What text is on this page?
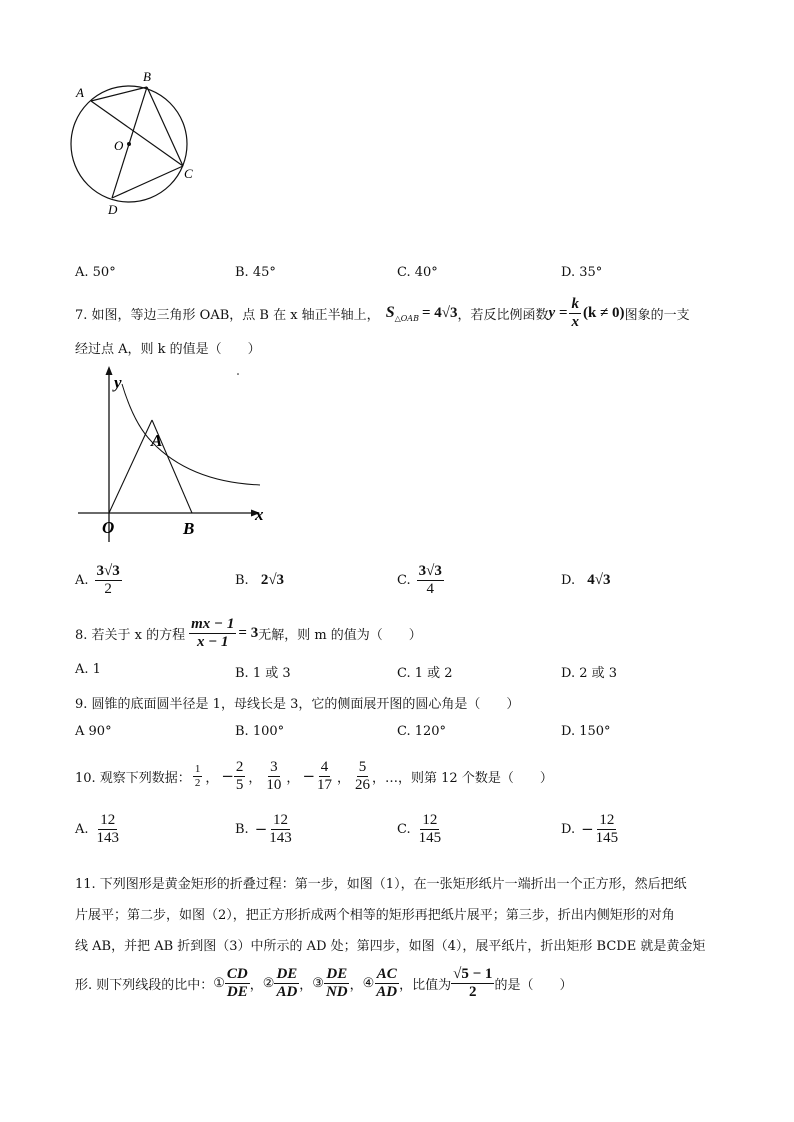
A
B
C
D
O
A. 50°	B. 45°	C. 40°	D. 35°
7. 如图，等边三角形 OAB，点 B 在 x 轴正半轴上， S △OAB = 4√3 ，若反比例函数 $y = \frac{k}{x} (k \ne 0)$ 图象的一支
经过点 A，则 k 的值是（　　）
y
x
O
A
B
A. $\frac{3√3}{2}$	B. 2√3	C. $\frac{3√3}{4}$	D. 4√3
8. 若关于 x 的方程 $\frac{mx - 1}{x - 1} = 3$ 无解，则 m 的值为（　　）
A. 1	B. 1 或 3	C. 1 或 2	D. 2 或 3
9. 圆锥的底面圆半径是 1，母线长是 3，它的侧面展开图的圆心角是（　　）
A 90°	B. 100°	C. 120°	D. 150°
10. 观察下列数据： $\frac{1}{2}$ ， − $\frac{2}{5}$ ， $\frac{3}{10}$ ， − $\frac{4}{17}$ ， $\frac{5}{26}$ ，…，则第 12 个数是（　　）
A. $\frac{12}{143}$	B. − $\frac{12}{143}$	C. $\frac{12}{145}$	D. − $\frac{12}{145}$
11. 下列图形是黄金矩形的折叠过程：第一步，如图（1），在一张矩形纸片一端折出一个正方形，然后把纸
片展平；第二步，如图（2），把正方形折成两个相等的矩形再把纸片展平；第三步，折出内侧矩形的对角
线 AB，并把 AB 折到图（3）中所示的 AD 处；第四步，如图（4），展平纸片，折出矩形 BCDE 就是黄金矩
形. 则下列线段的比中： ① $\frac{CD}{DE}$ ， ② $\frac{DE}{AD}$ ， ③ $\frac{DE}{ND}$ ， ④ $\frac{AC}{AD}$ ，比值为 $\frac{√5 - 1}{2}$ 的是（　　）
